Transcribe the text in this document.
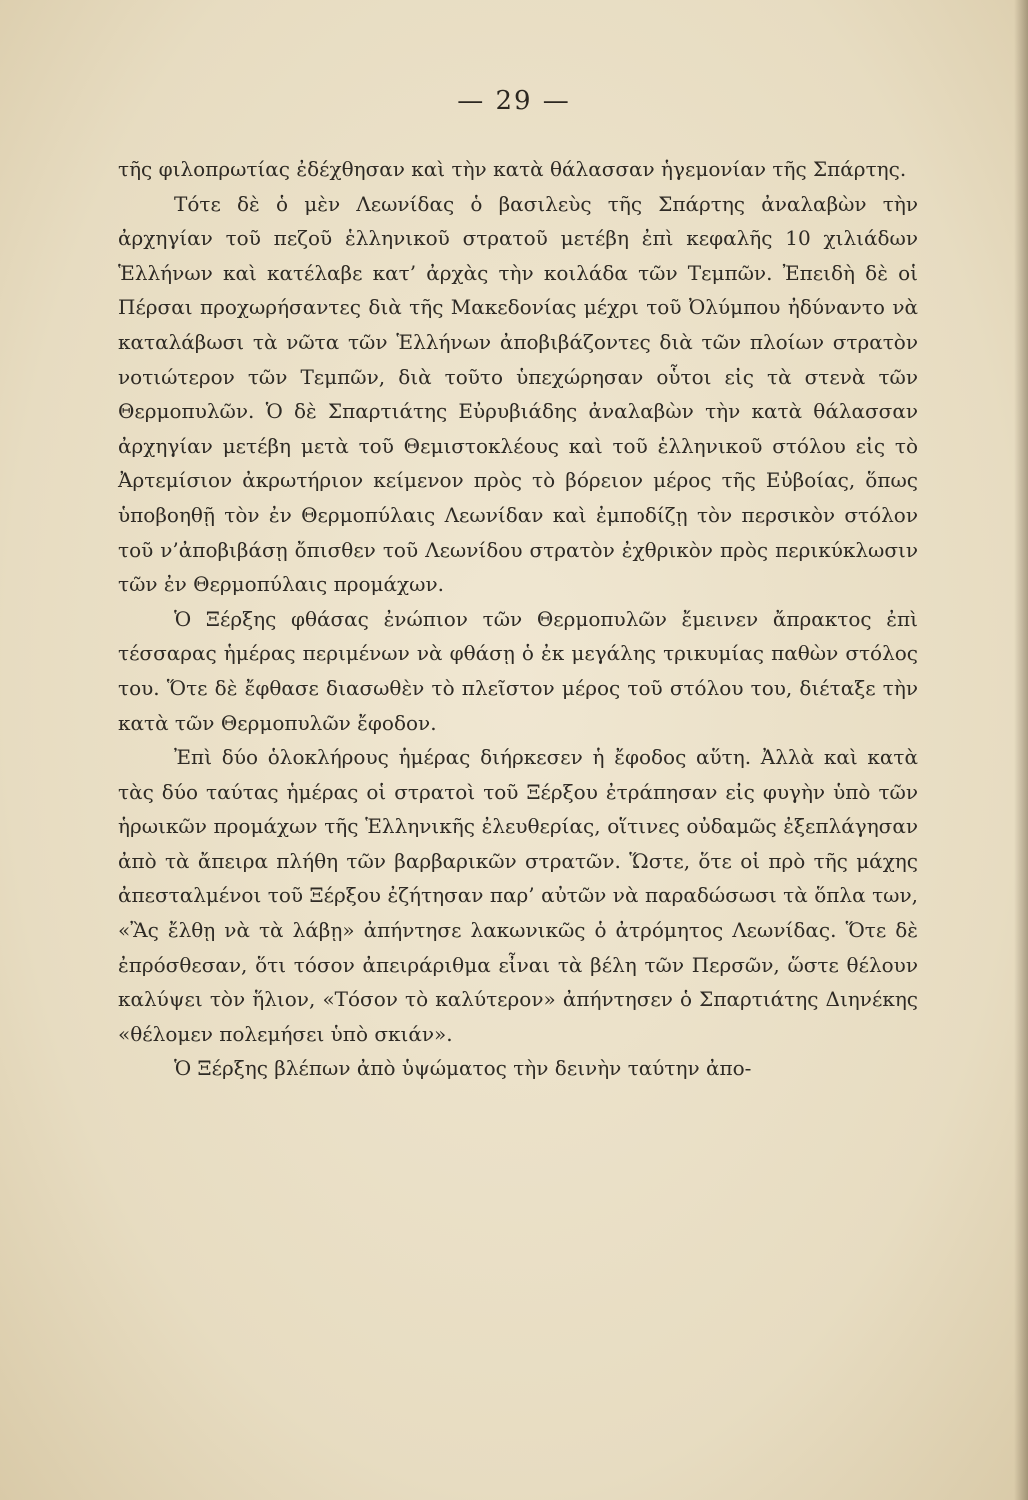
— 29 —

τῆς φιλοπρωτίας ἐδέχθησαν καὶ τὴν κατὰ θάλασσαν ἡγεμονίαν τῆς Σπάρτης.

Τότε δὲ ὁ μὲν Λεωνίδας ὁ βασιλεὺς τῆς Σπάρτης ἀναλαβὼν τὴν ἀρχηγίαν τοῦ πεζοῦ ἑλληνικοῦ στρατοῦ μετέβη ἐπὶ κεφαλῆς 10 χιλιάδων Ἑλλήνων καὶ κατέλαβε κατ’ ἀρχὰς τὴν κοιλάδα τῶν Τεμπῶν. Ἐπειδὴ δὲ οἱ Πέρσαι προχωρήσαντες διὰ τῆς Μακεδονίας μέχρι τοῦ Ὀλύμπου ἠδύναντο νὰ καταλάβωσι τὰ νῶτα τῶν Ἑλλήνων ἀποβιβάζοντες διὰ τῶν πλοίων στρατὸν νοτιώτερον τῶν Τεμπῶν, διὰ τοῦτο ὑπεχώρησαν οὗτοι εἰς τὰ στενὰ τῶν Θερμοπυλῶν. Ὁ δὲ Σπαρτιάτης Εὐρυβιάδης ἀναλαβὼν τὴν κατὰ θάλασσαν ἀρχηγίαν μετέβη μετὰ τοῦ Θεμιστοκλέους καὶ τοῦ ἑλληνικοῦ στόλου εἰς τὸ Ἀρτεμίσιον ἀκρωτήριον κείμενον πρὸς τὸ βόρειον μέρος τῆς Εὐβοίας, ὅπως ὑποβοηθῇ τὸν ἐν Θερμοπύλαις Λεωνίδαν καὶ ἐμποδίζῃ τὸν περσικὸν στόλον τοῦ ν’ἀποβιβάσῃ ὄπισθεν τοῦ Λεωνίδου στρατὸν ἐχθρικὸν πρὸς περικύκλωσιν τῶν ἐν Θερμοπύλαις προμάχων.

Ὁ Ξέρξης φθάσας ἐνώπιον τῶν Θερμοπυλῶν ἔμεινεν ἄπρακτος ἐπὶ τέσσαρας ἡμέρας περιμένων νὰ φθάσῃ ὁ ἐκ μεγάλης τρικυμίας παθὼν στόλος του. Ὅτε δὲ ἔφθασε διασωθὲν τὸ πλεῖστον μέρος τοῦ στόλου του, διέταξε τὴν κατὰ τῶν Θερμοπυλῶν ἔφοδον.

Ἐπὶ δύο ὁλοκλήρους ἡμέρας διήρκεσεν ἡ ἔφοδος αὕτη. Ἀλλὰ καὶ κατὰ τὰς δύο ταύτας ἡμέρας οἱ στρατοὶ τοῦ Ξέρξου ἐτράπησαν εἰς φυγὴν ὑπὸ τῶν ἡρωικῶν προμάχων τῆς Ἑλληνικῆς ἐλευθερίας, οἵτινες οὐδαμῶς ἐξεπλάγησαν ἀπὸ τὰ ἄπειρα πλήθη τῶν βαρβαρικῶν στρατῶν. Ὥστε, ὅτε οἱ πρὸ τῆς μάχης ἀπεσταλμένοι τοῦ Ξέρξου ἐζήτησαν παρ’ αὐτῶν νὰ παραδώσωσι τὰ ὅπλα των, «Ἂς ἔλθῃ νὰ τὰ λάβῃ» ἀπήντησε λακωνικῶς ὁ ἀτρόμητος Λεωνίδας. Ὅτε δὲ ἐπρόσθεσαν, ὅτι τόσον ἀπειράριθμα εἶναι τὰ βέλη τῶν Περσῶν, ὥστε θέλουν καλύψει τὸν ἥλιον, «Τόσον τὸ καλύτερον» ἀπήντησεν ὁ Σπαρτιάτης Διηνέκης «θέλομεν πολεμήσει ὑπὸ σκιάν».

Ὁ Ξέρξης βλέπων ἀπὸ ὑψώματος τὴν δεινὴν ταύτην ἀπο-
